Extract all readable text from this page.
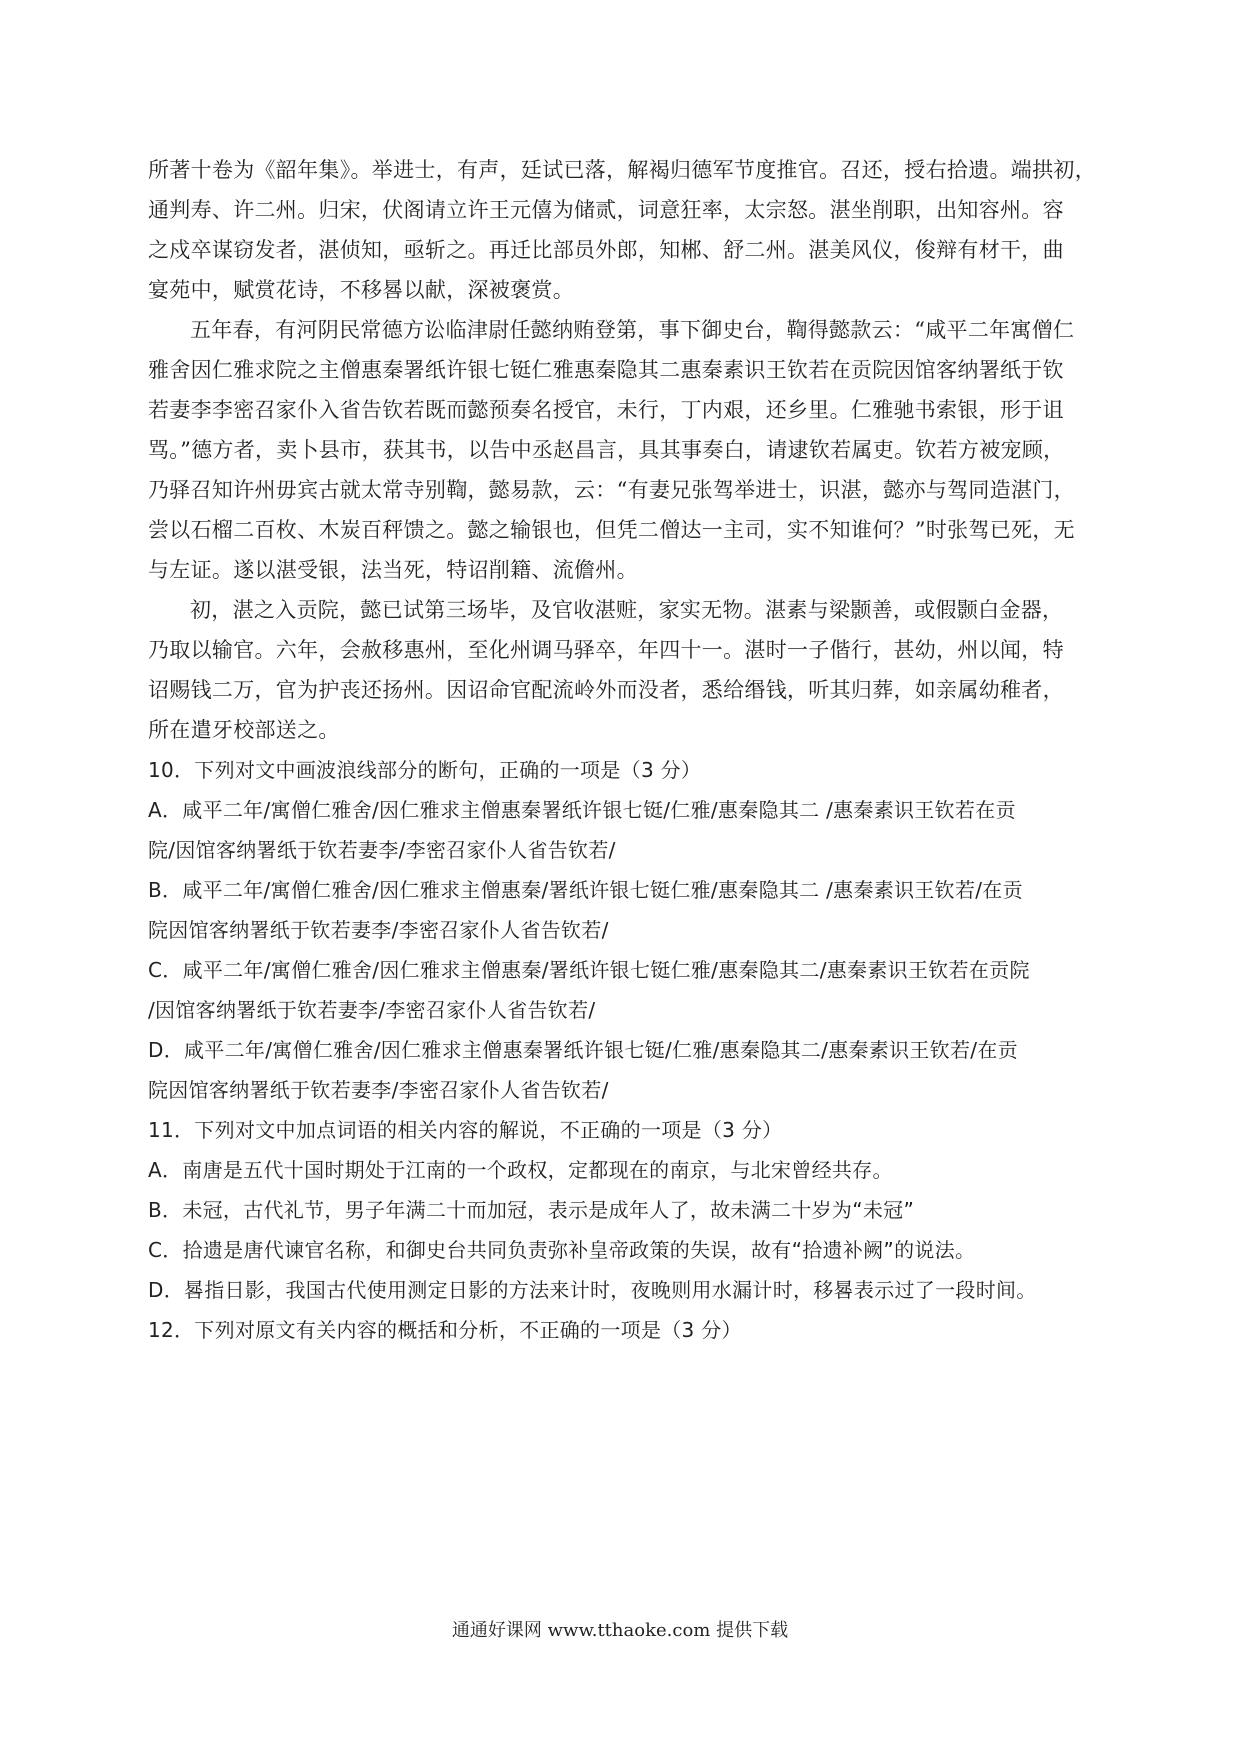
所著十卷为《韶年集》。举进士，有声，廷试已落，解褐归德军节度推官。召还，授右拾遗。端拱初，
通判寿、许二州。归宋，伏阁请立许王元僖为储贰，词意狂率，太宗怒。湛坐削职，出知容州。容
之戍卒谋窃发者，湛侦知，亟斩之。再迁比部员外郎，知郴、舒二州。湛美风仪，俊辩有材干，曲
宴苑中，赋赏花诗，不移晷以献，深被褒赏。
五年春，有河阴民常德方讼临津尉任懿纳贿登第，事下御史台，鞫得懿款云：“咸平二年寓僧仁
雅舍因仁雅求院之主僧惠秦署纸许银七铤仁雅惠秦隐其二惠秦素识王钦若在贡院因馆客纳署纸于钦
若妻李李密召家仆入省告钦若既而懿预奏名授官，未行，丁内艰，还乡里。仁雅驰书索银，形于诅
骂。”德方者，卖卜县市，获其书，以告中丞赵昌言，具其事奏白，请逮钦若属吏。钦若方被宠顾，
乃驿召知许州毋宾古就太常寺别鞫，懿易款，云：“有妻兄张驾举进士，识湛，懿亦与驾同造湛门，
尝以石榴二百枚、木炭百秤馈之。懿之输银也，但凭二僧达一主司，实不知谁何？”时张驾已死，无
与左证。遂以湛受银，法当死，特诏削籍、流儋州。
初，湛之入贡院，懿已试第三场毕，及官收湛赃，家实无物。湛素与梁颢善，或假颢白金器，
乃取以输官。六年，会赦移惠州，至化州调马驿卒，年四十一。湛时一子偕行，甚幼，州以闻，特
诏赐钱二万，官为护丧还扬州。因诏命官配流岭外而没者，悉给缗钱，听其归葬，如亲属幼稚者，
所在遣牙校部送之。
10．下列对文中画波浪线部分的断句，正确的一项是（3 分）
A．咸平二年/寓僧仁雅舍/因仁雅求主僧惠秦署纸许银七铤/仁雅/惠秦隐其二 /惠秦素识王钦若在贡
院/因馆客纳署纸于钦若妻李/李密召家仆人省告钦若/
B．咸平二年/寓僧仁雅舍/因仁雅求主僧惠秦/署纸许银七铤仁雅/惠秦隐其二 /惠秦素识王钦若/在贡
院因馆客纳署纸于钦若妻李/李密召家仆人省告钦若/
C．咸平二年/寓僧仁雅舍/因仁雅求主僧惠秦/署纸许银七铤仁雅/惠秦隐其二/惠秦素识王钦若在贡院
/因馆客纳署纸于钦若妻李/李密召家仆人省告钦若/
D．咸平二年/寓僧仁雅舍/因仁雅求主僧惠秦署纸许银七铤/仁雅/惠秦隐其二/惠秦素识王钦若/在贡
院因馆客纳署纸于钦若妻李/李密召家仆人省告钦若/
11．下列对文中加点词语的相关内容的解说，不正确的一项是（3 分）
A．南唐是五代十国时期处于江南的一个政权，定都现在的南京，与北宋曾经共存。
B．未冠，古代礼节，男子年满二十而加冠，表示是成年人了，故未满二十岁为“未冠”
C．拾遗是唐代谏官名称，和御史台共同负责弥补皇帝政策的失误，故有“拾遗补阙”的说法。
D．晷指日影，我国古代使用测定日影的方法来计时，夜晚则用水漏计时，移晷表示过了一段时间。
12．下列对原文有关内容的概括和分析，不正确的一项是（3 分）
通通好课网 www.tthaoke.com 提供下载
